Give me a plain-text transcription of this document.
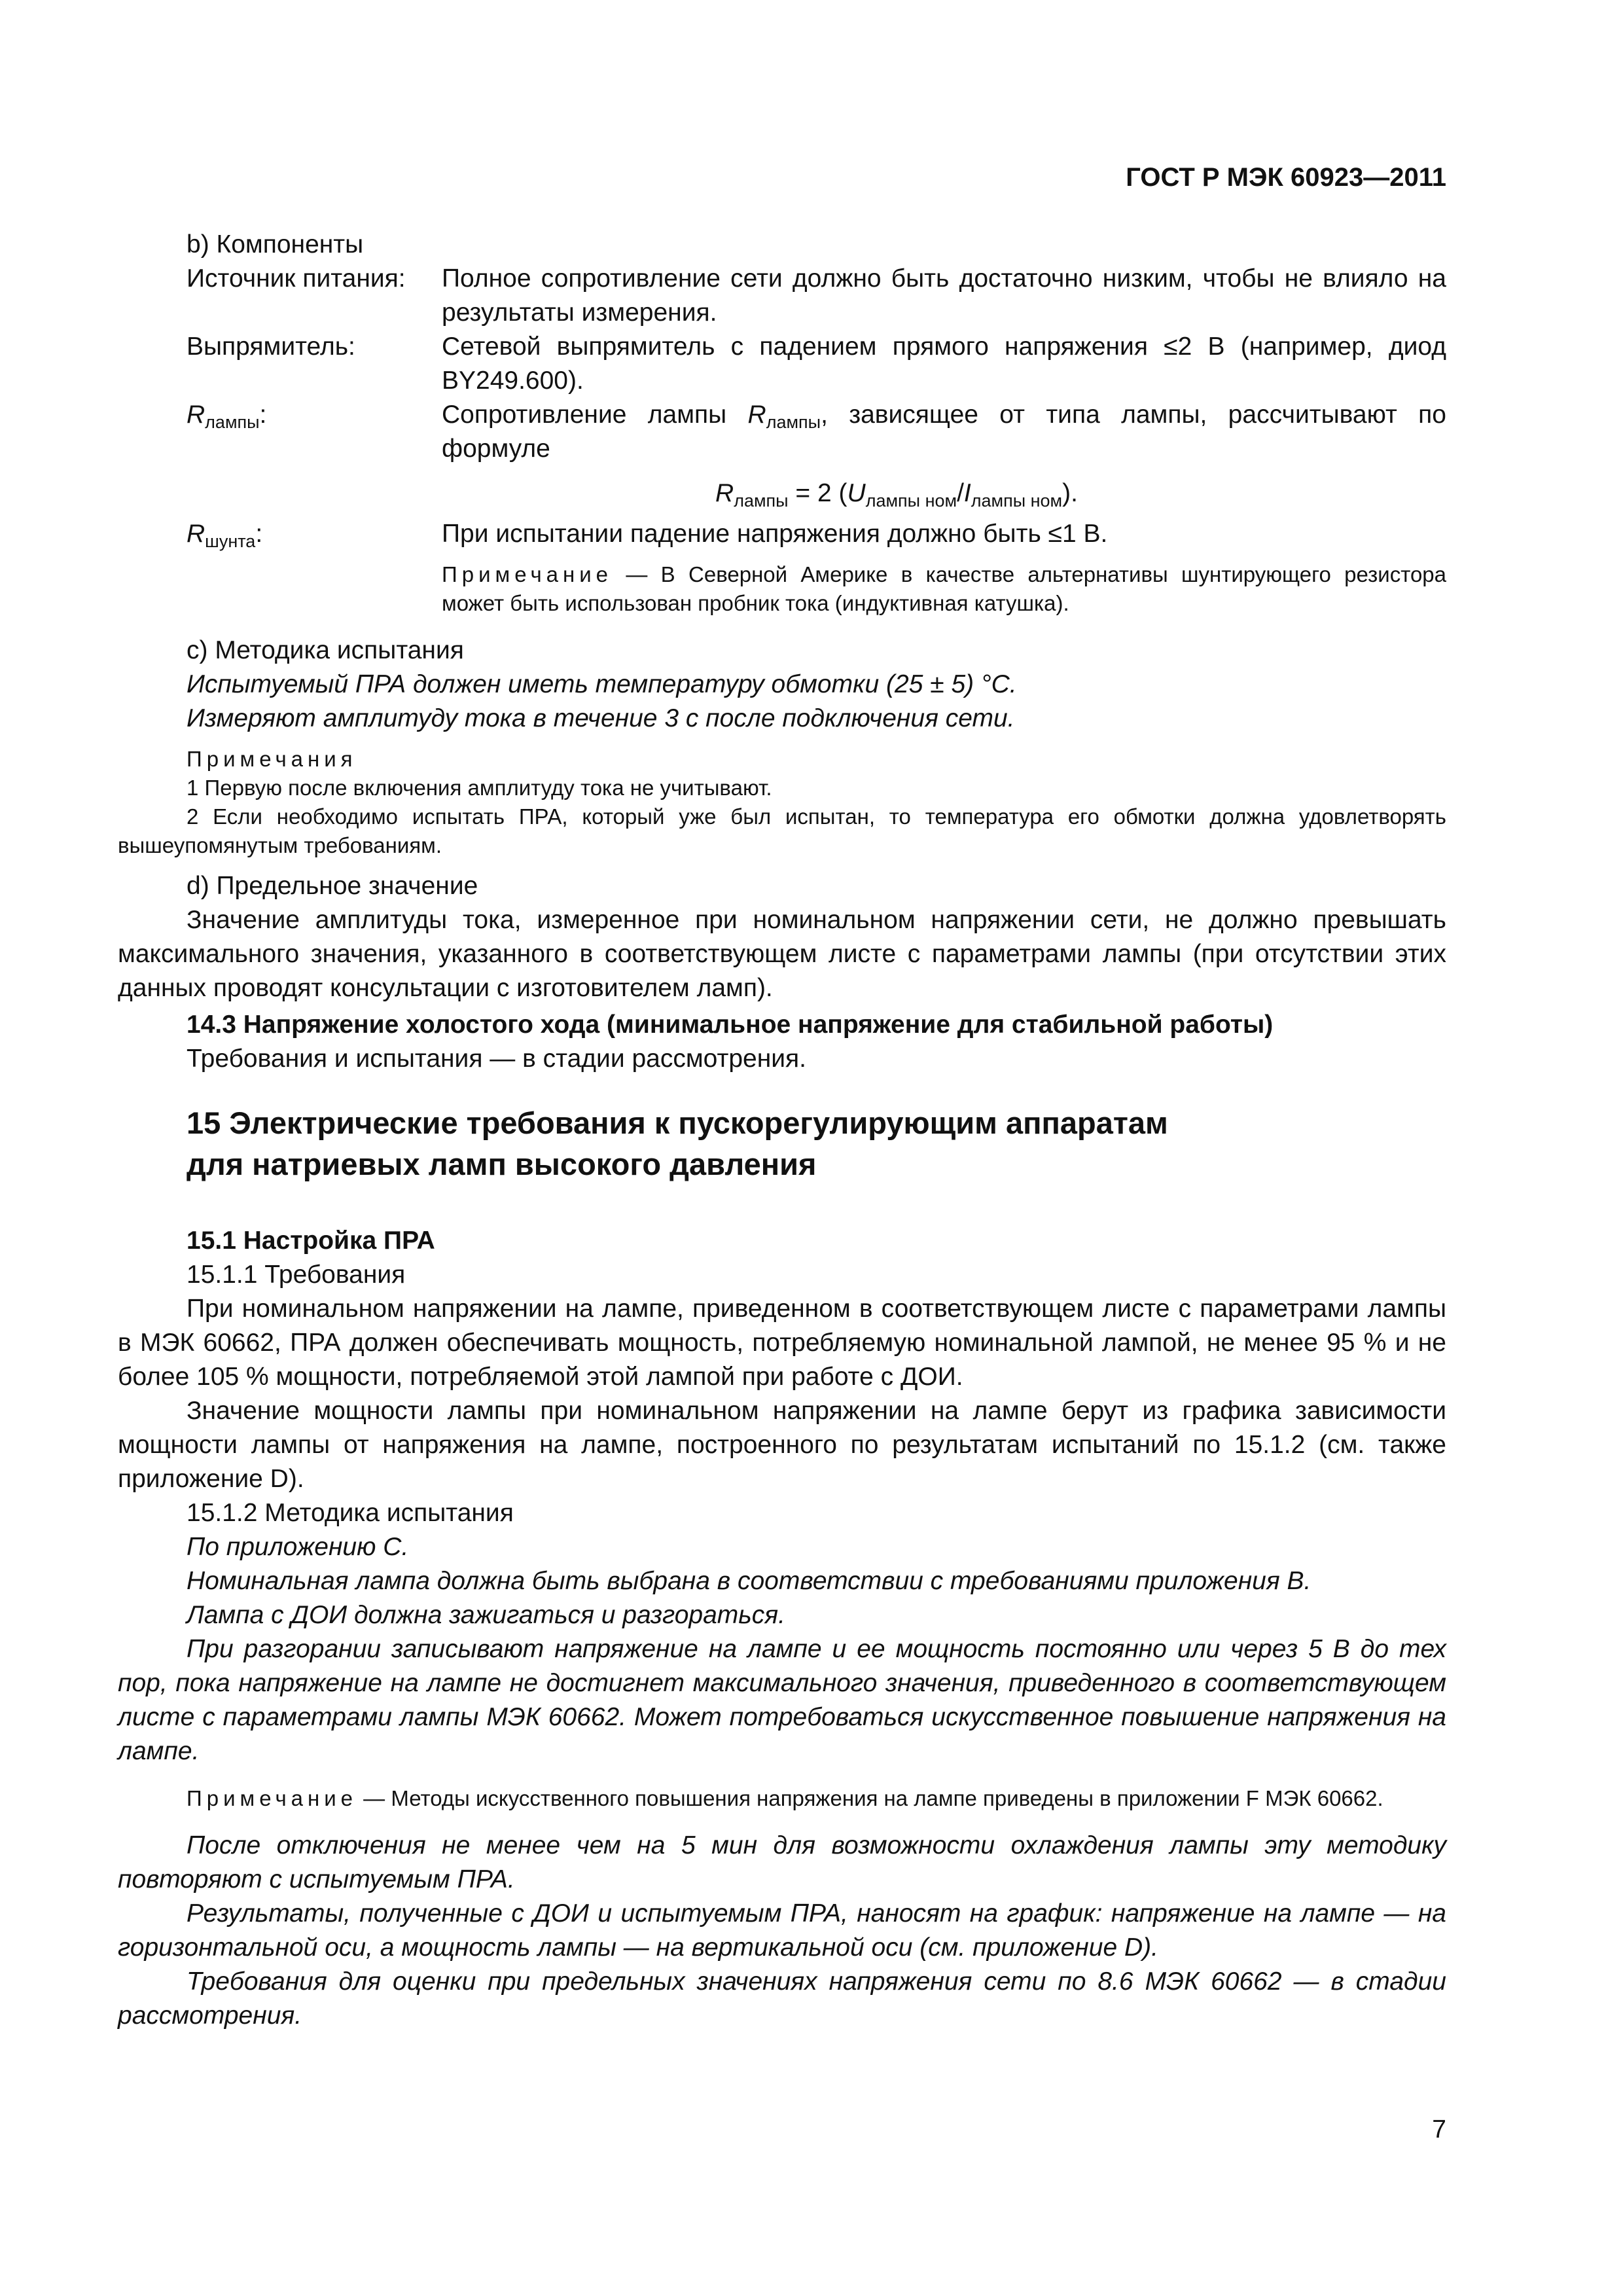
ГОСТ Р МЭК 60923—2011
b) Компоненты
Источник питания:	Полное сопротивление сети должно быть достаточно низким, чтобы не влияло на результаты измерения.
Выпрямитель:	Сетевой выпрямитель с падением прямого напряжения ≤2 В (например, диод BY249.600).
$R_{лампы}$:	Сопротивление лампы $R_{лампы}$, зависящее от типа лампы, рассчитывают по формуле
$R_{лампы} = 2$ $(U_{лампы ном}/I_{лампы ном})$.
$R_{шунта}$:	При испытании падение напряжения должно быть ≤1 В.
Примечание — В Северной Америке в качестве альтернативы шунтирующего резистора может быть использован пробник тока (индуктивная катушка).
c) Методика испытания
Испытуемый ПРА должен иметь температуру обмотки (25 ± 5) °С.
Измеряют амплитуду тока в течение 3 с после подключения сети.
Примечания
1 Первую после включения амплитуду тока не учитывают.
2 Если необходимо испытать ПРА, который уже был испытан, то температура его обмотки должна удовлетворять вышеупомянутым требованиям.
d) Предельное значение
Значение амплитуды тока, измеренное при номинальном напряжении сети, не должно превышать максимального значения, указанного в соответствующем листе с параметрами лампы (при отсутствии этих данных проводят консультации с изготовителем ламп).
14.3 Напряжение холостого хода (минимальное напряжение для стабильной работы)
Требования и испытания — в стадии рассмотрения.
15 Электрические требования к пускорегулирующим аппаратам
для натриевых ламп высокого давления
15.1 Настройка ПРА
15.1.1 Требования
При номинальном напряжении на лампе, приведенном в соответствующем листе с параметрами лампы в МЭК 60662, ПРА должен обеспечивать мощность, потребляемую номинальной лампой, не менее 95 % и не более 105 % мощности, потребляемой этой лампой при работе с ДОИ.
Значение мощности лампы при номинальном напряжении на лампе берут из графика зависимости мощности лампы от напряжения на лампе, построенного по результатам испытаний по 15.1.2 (см. также приложение D).
15.1.2 Методика испытания
По приложению С.
Номинальная лампа должна быть выбрана в соответствии с требованиями приложения В.
Лампа с ДОИ должна зажигаться и разгораться.
При разгорании записывают напряжение на лампе и ее мощность постоянно или через 5 В до тех пор, пока напряжение на лампе не достигнет максимального значения, приведенного в соответствующем листе с параметрами лампы МЭК 60662. Может потребоваться искусственное повышение напряжения на лампе.
Примечание — Методы искусственного повышения напряжения на лампе приведены в приложении F МЭК 60662.
После отключения не менее чем на 5 мин для возможности охлаждения лампы эту методику повторяют с испытуемым ПРА.
Результаты, полученные с ДОИ и испытуемым ПРА, наносят на график: напряжение на лампе — на горизонтальной оси, а мощность лампы — на вертикальной оси (см. приложение D).
Требования для оценки при предельных значениях напряжения сети по 8.6 МЭК 60662 — в стадии рассмотрения.
7
